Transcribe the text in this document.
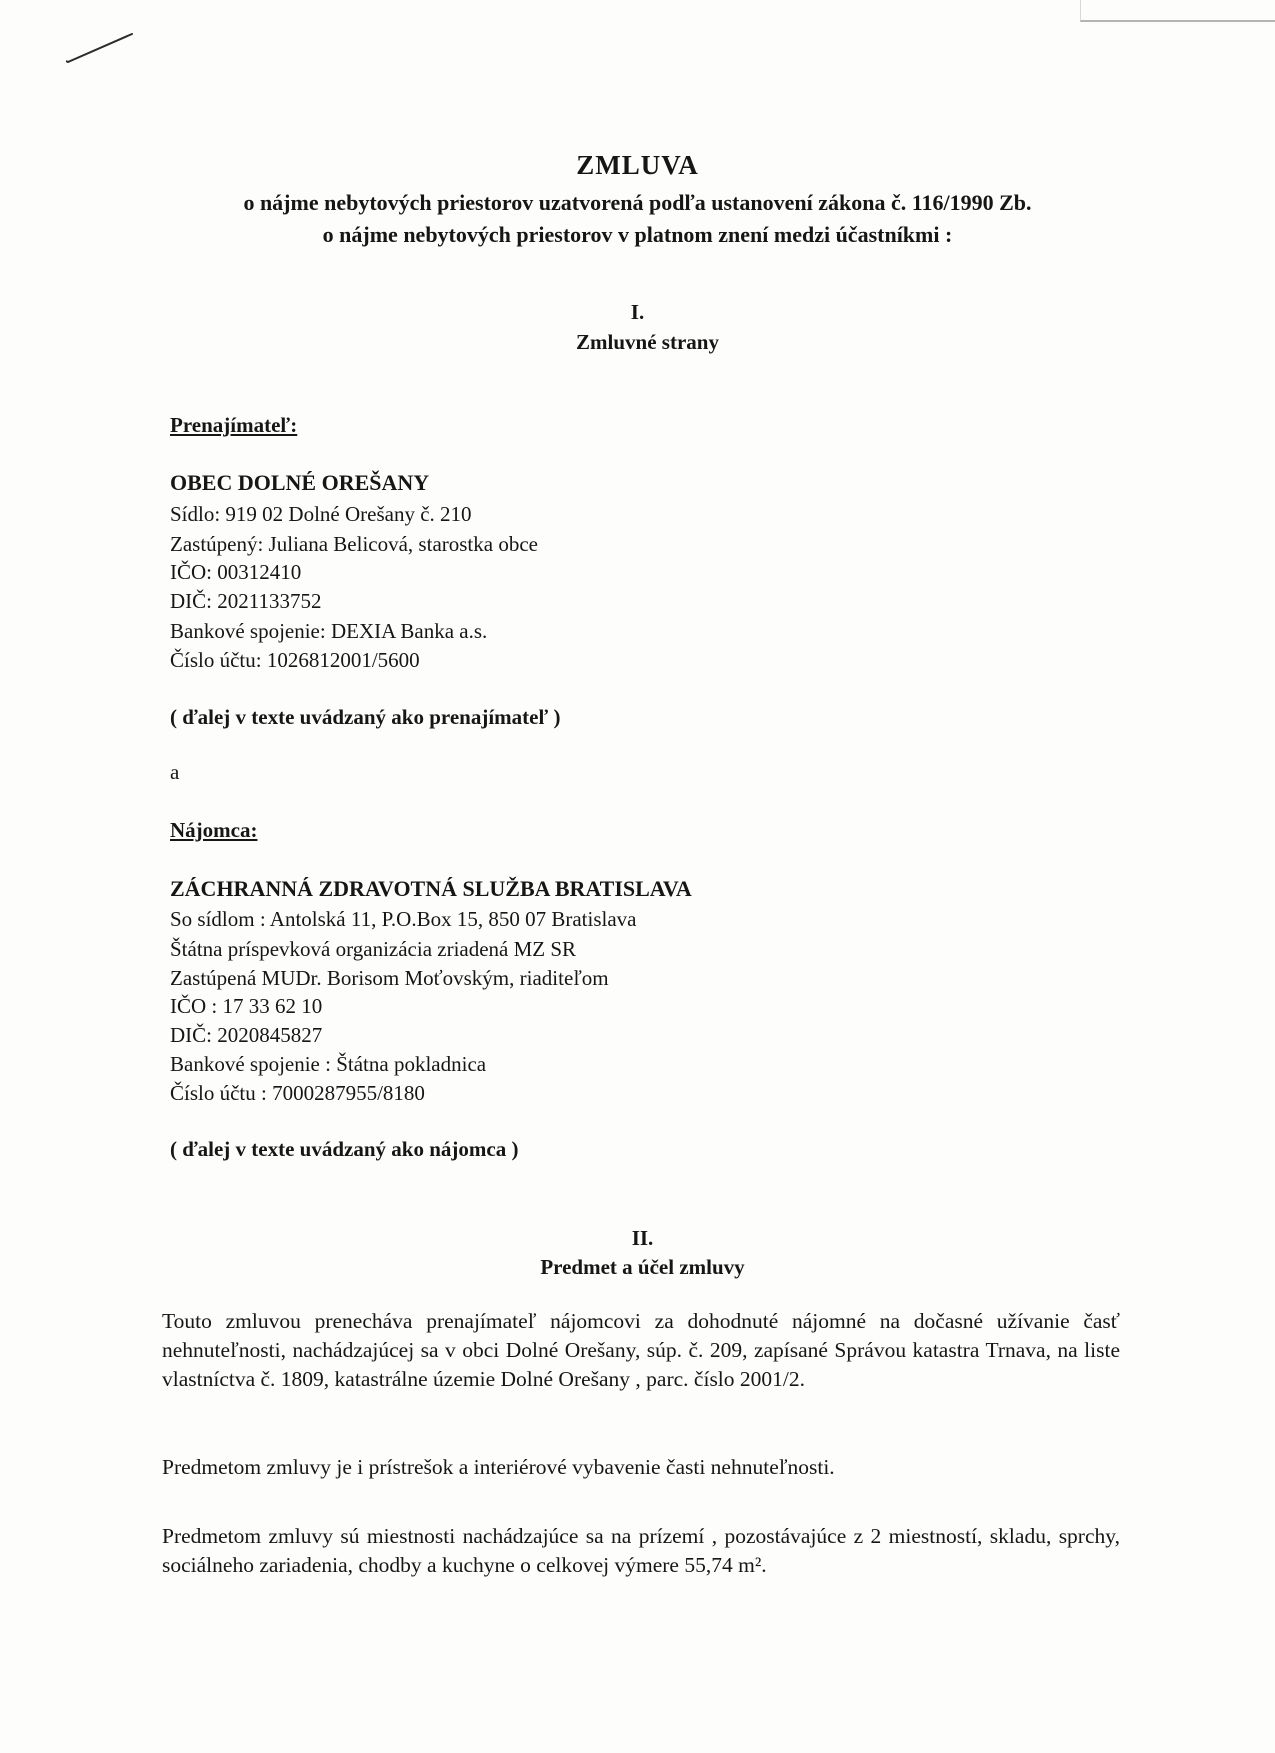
ZMLUVA
o nájme nebytových priestorov uzatvorená podľa ustanovení zákona č. 116/1990 Zb.
o nájme nebytových priestorov v platnom znení medzi účastníkmi :
I.
Zmluvné strany
Prenajímateľ:
OBEC DOLNÉ OREŠANY
Sídlo: 919 02 Dolné Orešany č. 210
Zastúpený: Juliana Belicová, starostka obce
IČO: 00312410
DIČ: 2021133752
Bankové spojenie: DEXIA Banka a.s.
Číslo účtu: 1026812001/5600
( ďalej v texte uvádzaný ako prenajímateľ )
a
Nájomca:
ZÁCHRANNÁ ZDRAVOTNÁ SLUŽBA BRATISLAVA
So sídlom : Antolská 11, P.O.Box 15, 850 07 Bratislava
Štátna príspevková organizácia zriadená MZ SR
Zastúpená MUDr. Borisom Moťovským, riaditeľom
IČO : 17 33 62 10
DIČ: 2020845827
Bankové spojenie : Štátna pokladnica
Číslo účtu : 7000287955/8180
( ďalej v texte uvádzaný ako nájomca )
II.
Predmet a účel zmluvy
Touto zmluvou prenecháva prenajímateľ nájomcovi za dohodnuté nájomné na dočasné užívanie časť nehnuteľnosti, nachádzajúcej sa v obci Dolné Orešany, súp. č. 209, zapísané Správou katastra Trnava, na liste vlastníctva č. 1809, katastrálne územie Dolné Orešany , parc. číslo 2001/2.
Predmetom zmluvy je i prístrešok a interiérové vybavenie časti nehnuteľnosti.
Predmetom zmluvy sú miestnosti nachádzajúce sa na prízemí , pozostávajúce z 2 miestností, skladu, sprchy, sociálneho zariadenia, chodby a kuchyne o celkovej výmere 55,74 m².
